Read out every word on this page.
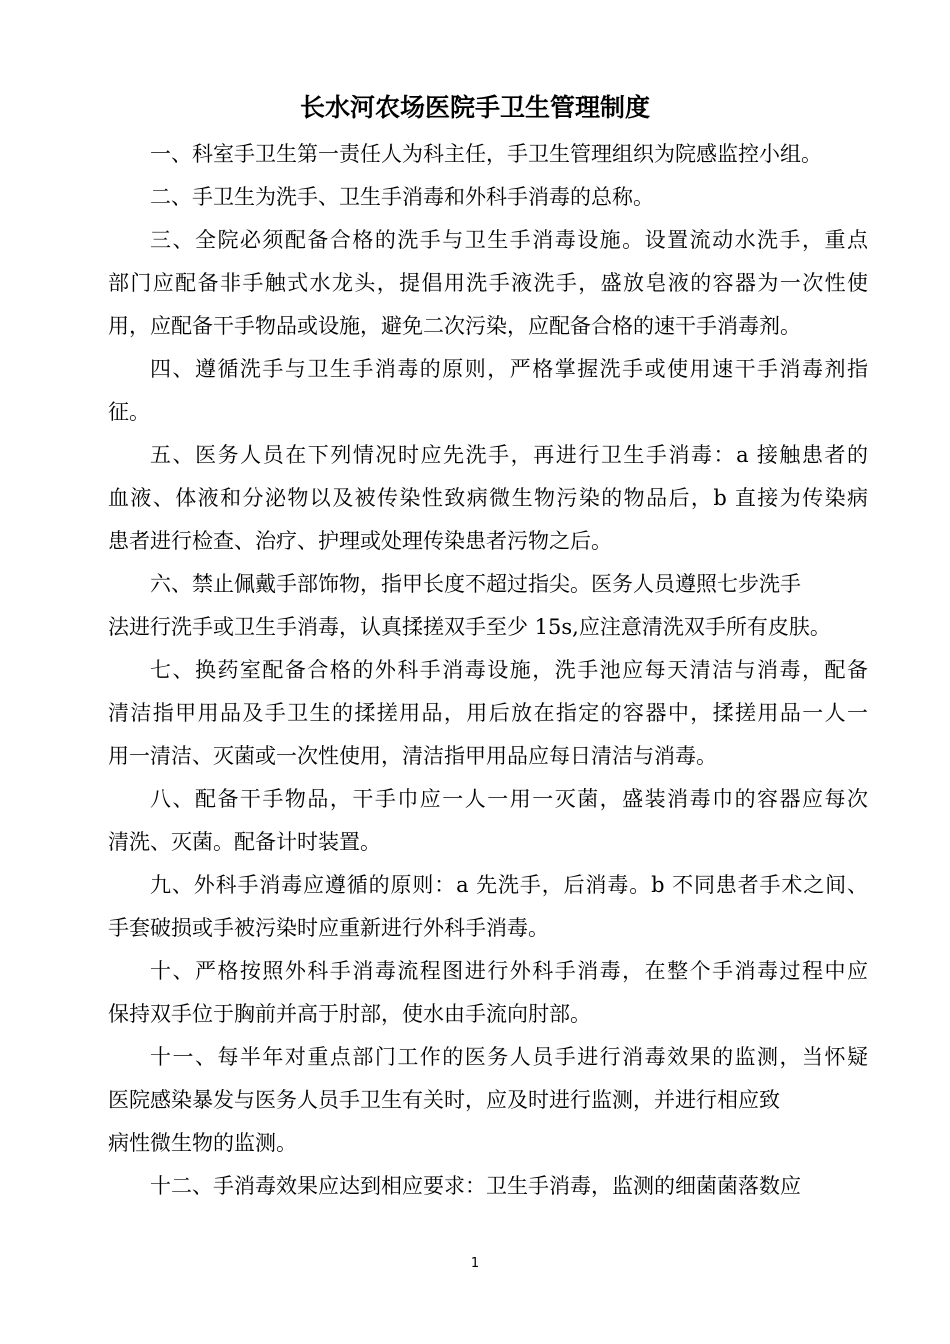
长水河农场医院手卫生管理制度

一、科室手卫生第一责任人为科主任，手卫生管理组织为院感监控小组。

二、手卫生为洗手、卫生手消毒和外科手消毒的总称。

三、全院必须配备合格的洗手与卫生手消毒设施。设置流动水洗手，重点
部门应配备非手触式水龙头，提倡用洗手液洗手，盛放皂液的容器为一次性使
用，应配备干手物品或设施，避免二次污染，应配备合格的速干手消毒剂。

四、遵循洗手与卫生手消毒的原则，严格掌握洗手或使用速干手消毒剂指
征。

五、医务人员在下列情况时应先洗手，再进行卫生手消毒：a 接触患者的
血液、体液和分泌物以及被传染性致病微生物污染的物品后，b 直接为传染病
患者进行检查、治疗、护理或处理传染患者污物之后。

六、禁止佩戴手部饰物，指甲长度不超过指尖。医务人员遵照七步洗手
法进行洗手或卫生手消毒，认真揉搓双手至少 15s,应注意清洗双手所有皮肤。

七、换药室配备合格的外科手消毒设施，洗手池应每天清洁与消毒，配备
清洁指甲用品及手卫生的揉搓用品，用后放在指定的容器中，揉搓用品一人一
用一清洁、灭菌或一次性使用，清洁指甲用品应每日清洁与消毒。

八、配备干手物品，干手巾应一人一用一灭菌，盛装消毒巾的容器应每次
清洗、灭菌。配备计时装置。

九、外科手消毒应遵循的原则：a 先洗手，后消毒。b 不同患者手术之间、
手套破损或手被污染时应重新进行外科手消毒。

十、严格按照外科手消毒流程图进行外科手消毒，在整个手消毒过程中应
保持双手位于胸前并高于肘部，使水由手流向肘部。

十一、每半年对重点部门工作的医务人员手进行消毒效果的监测，当怀疑
医院感染暴发与医务人员手卫生有关时，应及时进行监测，并进行相应致
病性微生物的监测。

十二、手消毒效果应达到相应要求：卫生手消毒，监测的细菌菌落数应

1
